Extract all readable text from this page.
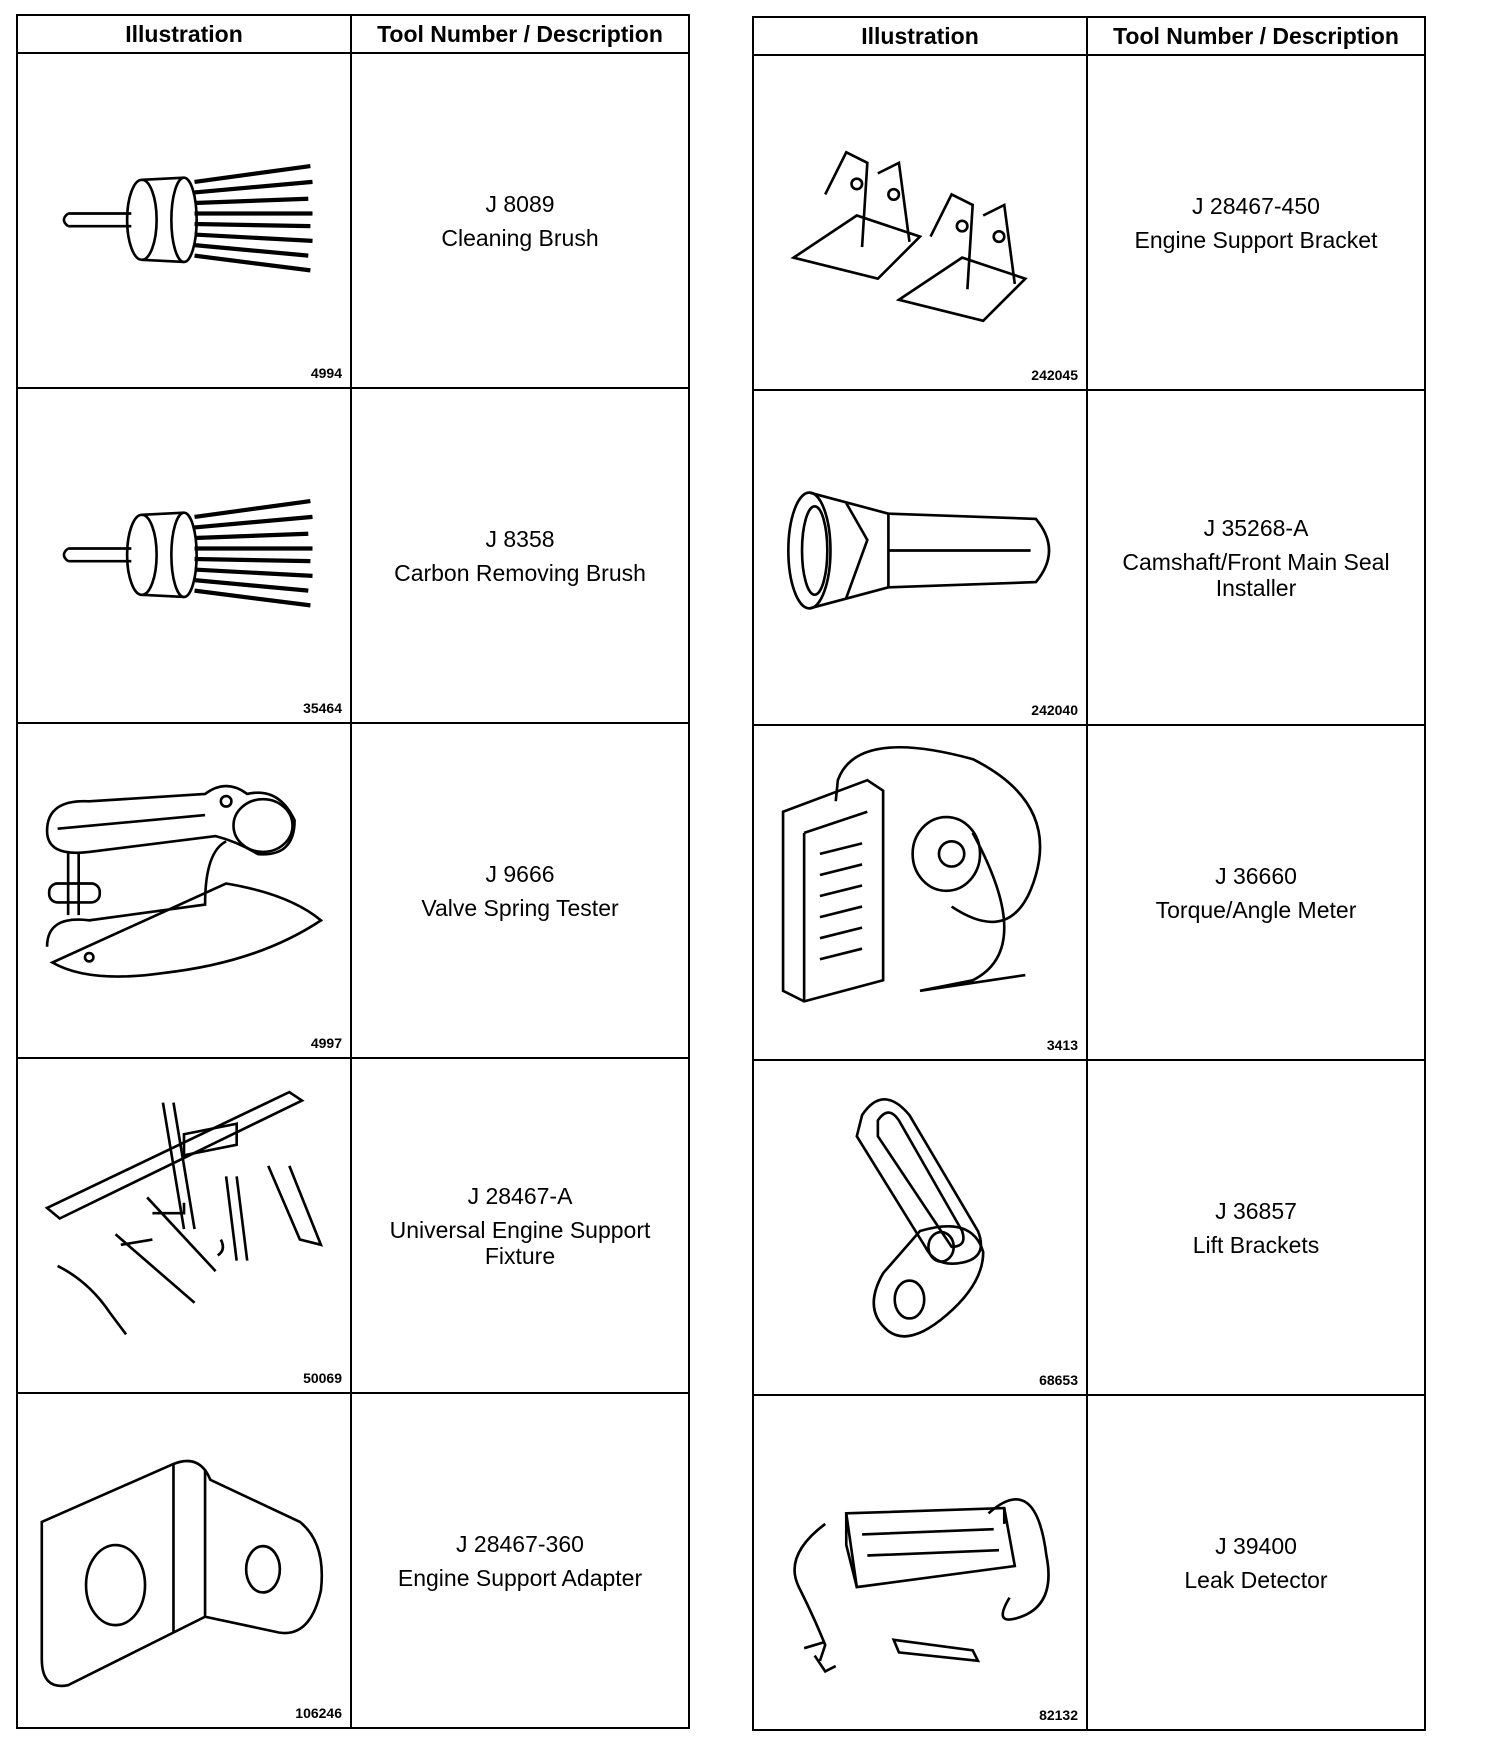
Illustration	Tool Number / Description

4994	J 8089
Cleaning Brush

35464	J 8358
Carbon Removing Brush

4997	J 9666
Valve Spring Tester

50069	J 28467-A
Universal Engine Support Fixture

106246	J 28467-360
Engine Support Adapter
Illustration	Tool Number / Description

242045	J 28467-450
Engine Support Bracket

242040	J 35268-A
Camshaft/Front Main Seal Installer

3413	J 36660
Torque/Angle Meter

68653	J 36857
Lift Brackets

82132	J 39400
Leak Detector
